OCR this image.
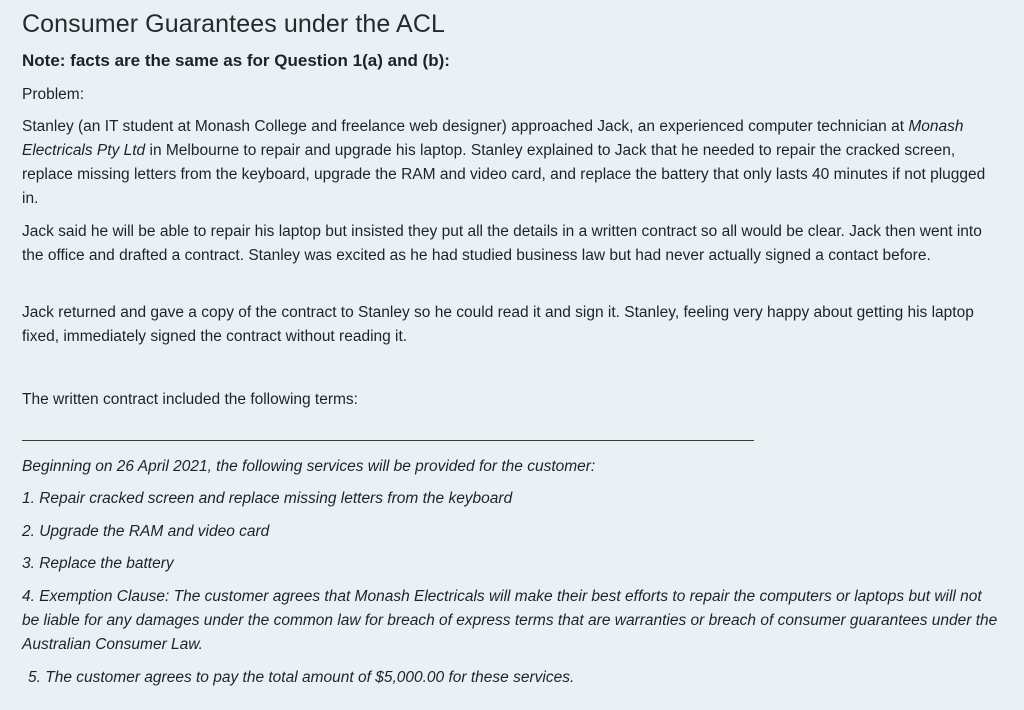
Consumer Guarantees under the ACL
Note: facts are the same as for Question 1(a) and (b):
Problem:

Stanley (an IT student at Monash College and freelance web designer) approached Jack, an experienced computer technician at Monash Electricals Pty Ltd in Melbourne to repair and upgrade his laptop. Stanley explained to Jack that he needed to repair the cracked screen, replace missing letters from the keyboard, upgrade the RAM and video card, and replace the battery that only lasts 40 minutes if not plugged in.

Jack said he will be able to repair his laptop but insisted they put all the details in a written contract so all would be clear. Jack then went into the office and drafted a contract. Stanley was excited as he had studied business law but had never actually signed a contact before.

Jack returned and gave a copy of the contract to Stanley so he could read it and sign it. Stanley, feeling very happy about getting his laptop fixed, immediately signed the contract without reading it.

The written contract included the following terms:

Beginning on 26 April 2021, the following services will be provided for the customer:

1. Repair cracked screen and replace missing letters from the keyboard

2. Upgrade the RAM and video card

3. Replace the battery

4. Exemption Clause: The customer agrees that Monash Electricals will make their best efforts to repair the computers or laptops but will not be liable for any damages under the common law for breach of express terms that are warranties or breach of consumer guarantees under the Australian Consumer Law.

5. The customer agrees to pay the total amount of $5,000.00 for these services.
